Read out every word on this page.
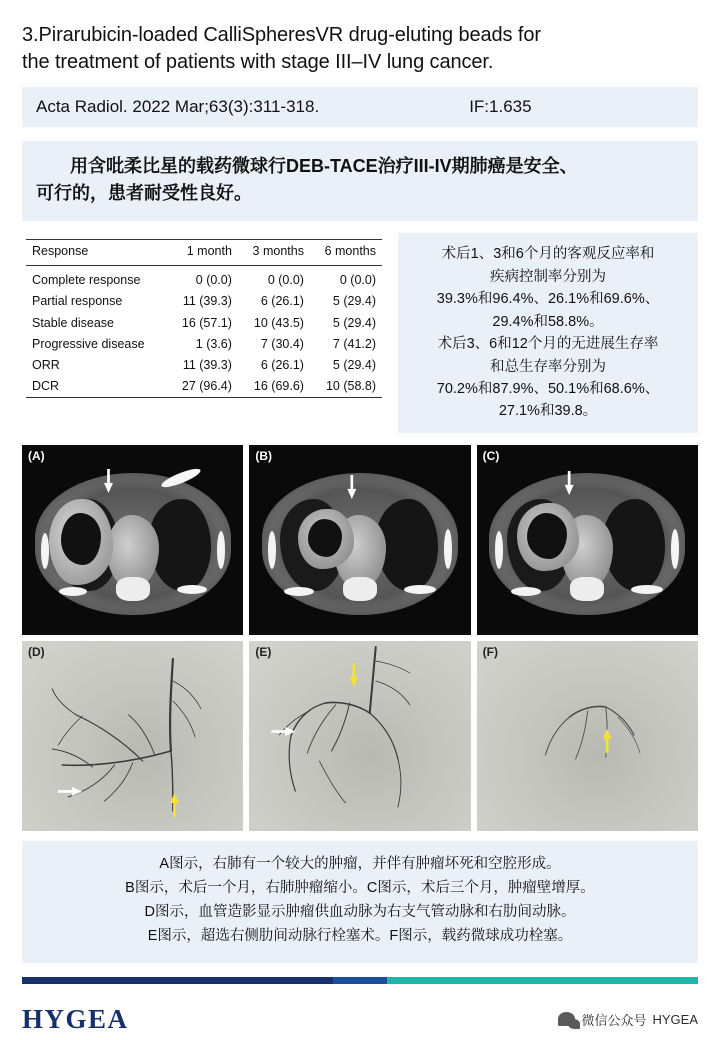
3.Pirarubicin-loaded CalliSpheresVR drug-eluting beads for
the treatment of patients with stage III–IV lung cancer.
Acta Radiol. 2022 Mar;63(3):311-318.	IF:1.635
用含吡柔比星的载药微球行DEB-TACE治疗III-IV期肺癌是安全、
可行的，患者耐受性良好。
Response	1 month	3 months	6 months
Complete response	0 (0.0)	0 (0.0)	0 (0.0)
Partial response	11 (39.3)	6 (26.1)	5 (29.4)
Stable disease	16 (57.1)	10 (43.5)	5 (29.4)
Progressive disease	1 (3.6)	7 (30.4)	7 (41.2)
ORR	11 (39.3)	6 (26.1)	5 (29.4)
DCR	27 (96.4)	16 (69.6)	10 (58.8)
术后1、3和6个月的客观反应率和
疾病控制率分别为
39.3%和96.4%、26.1%和69.6%、
29.4%和58.8%。
术后3、6和12个月的无进展生存率
和总生存率分别为
70.2%和87.9%、50.1%和68.6%、
27.1%和39.8。
(A)	(B)	(C)
(D)	(E)	(F)
A图示，右肺有一个较大的肿瘤，并伴有肿瘤坏死和空腔形成。
B图示，术后一个月，右肺肿瘤缩小。C图示，术后三个月，肿瘤壁增厚。
D图示，血管造影显示肿瘤供血动脉为右支气管动脉和右肋间动脉。
E图示，超选右侧肋间动脉行栓塞术。F图示，载药微球成功栓塞。
HYGEA	微信公众号 HYGEA
